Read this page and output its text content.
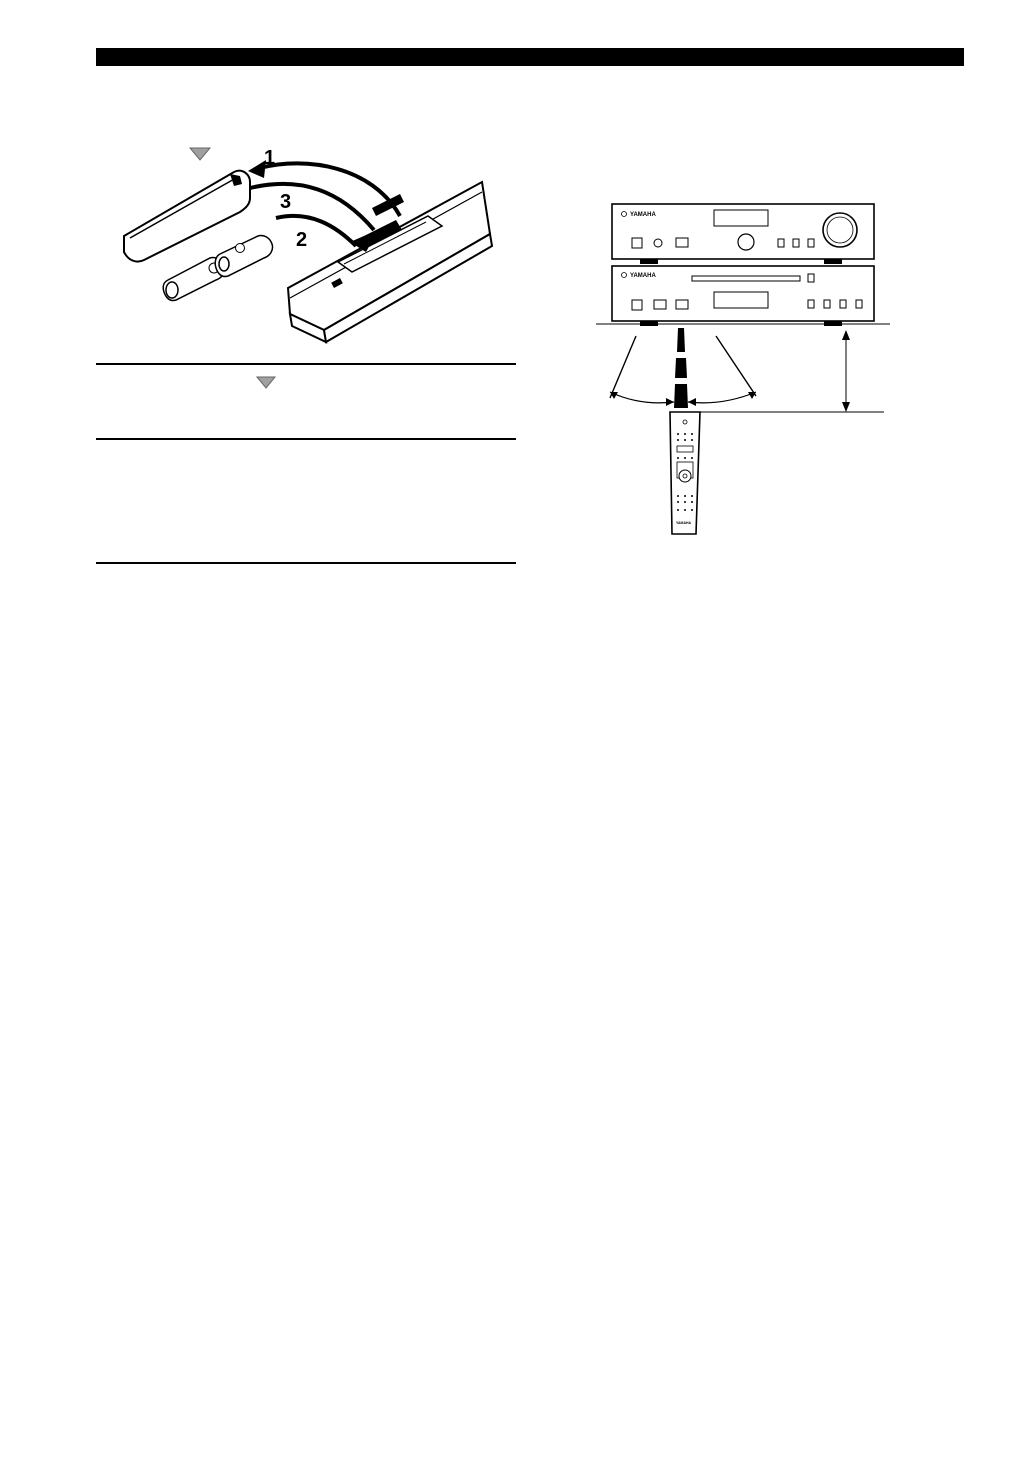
1
3
2
YAMAHA
YAMAHA
YAMAHA
